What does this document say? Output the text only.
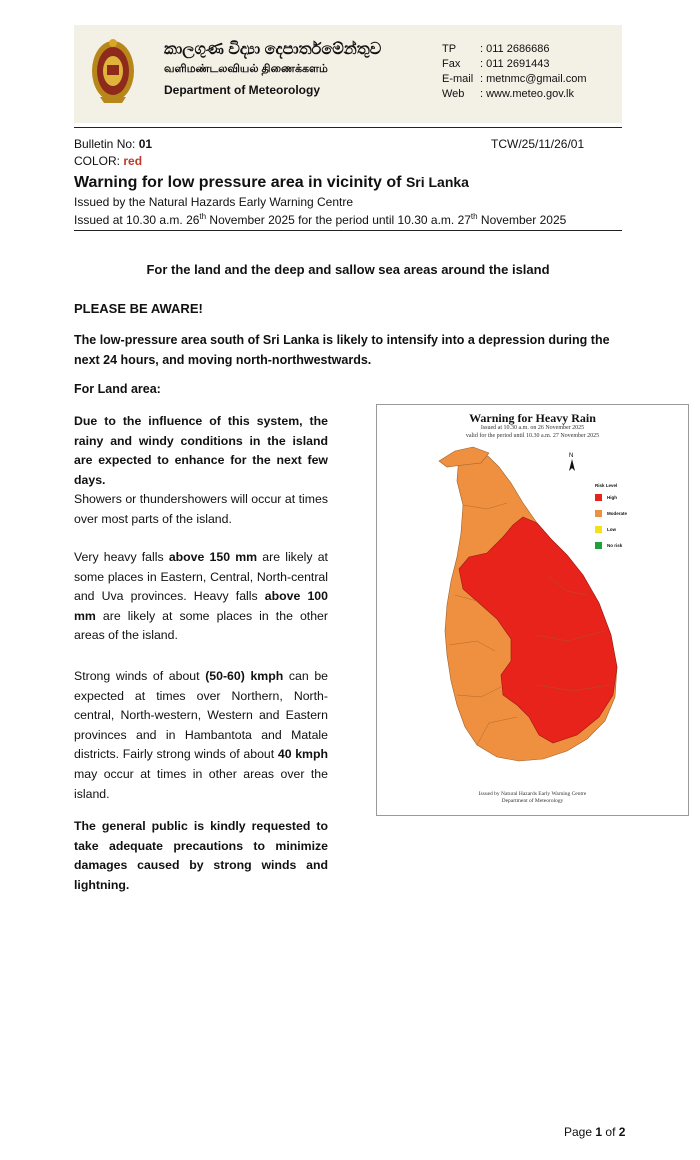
කාලගුණ විද්‍යා දෙපාර්තමේන්තුව
வளிமண்டலவியல் திணைக்களம்
Department of Meteorology
TP	: 011 2686686
Fax	: 011 2691443
E-mail : metnmc@gmail.com
Web	: www.meteo.gov.lk
Bulletin No: 01	TCW/25/11/26/01
COLOR: red
Warning for low pressure area in vicinity of Sri Lanka
Issued by the Natural Hazards Early Warning Centre
Issued at 10.30 a.m. 26th November 2025 for the period until 10.30 a.m. 27th November 2025
For the land and the deep and sallow sea areas around the island
PLEASE BE AWARE!
The low-pressure area south of Sri Lanka is likely to intensify into a depression during the next 24 hours, and moving north-northwestwards.
For Land area:
Due to the influence of this system, the rainy and windy conditions in the island are expected to enhance for the next few days.
Showers or thundershowers will occur at times over most parts of the island.
Very heavy falls above 150 mm are likely at some places in Eastern, Central, North-central and Uva provinces. Heavy falls above 100 mm are likely at some places in the other areas of the island.
Strong winds of about (50-60) kmph can be expected at times over Northern, North-central, North-western, Western and Eastern provinces and in Hambantota and Matale districts. Fairly strong winds of about 40 kmph may occur at times in other areas over the island.
The general public is kindly requested to take adequate precautions to minimize damages caused by strong winds and lightning.
Warning for Heavy Rain
Issued at 10.30 a.m. on 26 November 2025
valid for the period until 10.30 a.m. 27 November 2025
N
Risk Level
High
Moderate
Low
No risk
Issued by Natural Hazards Early Warning Centre
Department of Meteorology
Page 1 of 2
